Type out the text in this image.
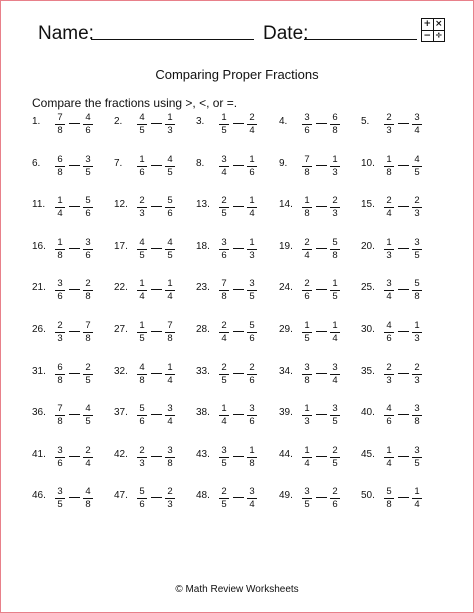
Name:	Date:	+ ×
− ÷
Comparing Proper Fractions
Compare the fractions using >, <, or =.
1. 7
8
4
6
2. 4
5
1
3
3. 1
5
2
4
4. 3
6
6
8
5. 2
3
3
4
6. 6
8
3
5
7. 1
6
4
5
8. 3
4
1
6
9. 7
8
1
3
10. 1
8
4
5
11. 1
4
5
6
12. 2
3
5
6
13. 2
5
1
4
14. 1
8
2
3
15. 2
4
2
3
16. 1
8
3
6
17. 4
5
4
5
18. 3
6
1
3
19. 2
4
5
8
20. 1
3
3
5
21. 3
6
2
8
22. 1
4
1
4
23. 7
8
3
5
24. 2
6
1
5
25. 3
4
5
8
26. 2
3
7
8
27. 1
5
7
8
28. 2
4
5
6
29. 1
5
1
4
30. 4
6
1
3
31. 6
8
2
5
32. 4
8
1
4
33. 2
5
2
6
34. 3
8
3
4
35. 2
3
2
3
36. 7
8
4
5
37. 5
6
3
4
38. 1
4
3
6
39. 1
3
3
5
40. 4
6
3
8
41. 3
6
2
4
42. 2
3
3
8
43. 3
5
1
8
44. 1
4
2
5
45. 1
4
3
5
46. 3
5
4
8
47. 5
6
2
3
48. 2
5
3
4
49. 3
5
2
6
50. 5
8
1
4
© Math Review Worksheets
